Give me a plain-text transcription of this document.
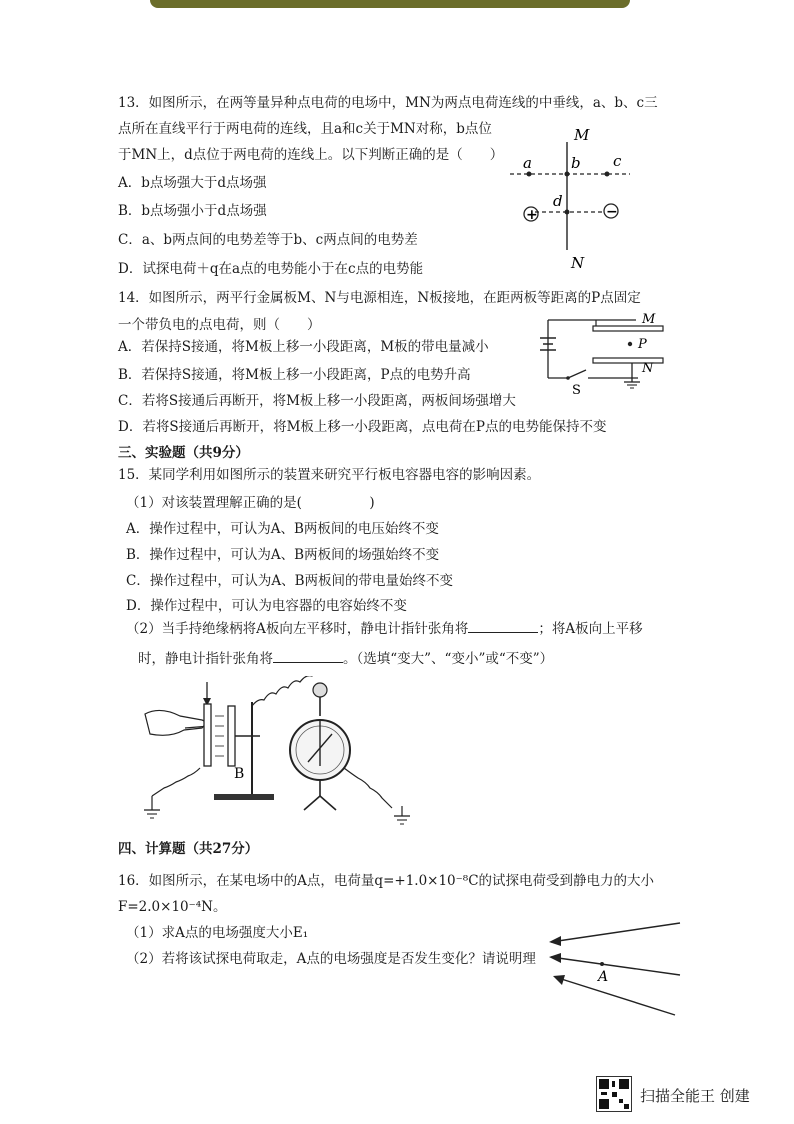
13．如图所示，在两等量异种点电荷的电场中，MN为两点电荷连线的中垂线，a、b、c三
点所在直线平行于两电荷的连线，且a和c关于MN对称，b点位
于MN上，d点位于两电荷的连线上。以下判断正确的是（　　）
A．b点场强大于d点场强
B．b点场强小于d点场强
C．a、b两点间的电势差等于b、c两点间的电势差
D．试探电荷＋q在a点的电势能小于在c点的电势能
M
N
a	b c
d
+	−
14．如图所示，两平行金属板M、N与电源相连，N板接地，在距两板等距离的P点固定
一个带负电的点电荷，则（　　）
A．若保持S接通，将M板上移一小段距离，M板的带电量减小
B．若保持S接通，将M板上移一小段距离，P点的电势升高
C．若将S接通后再断开，将M板上移一小段距离，两板间场强增大
D．若将S接通后再断开，将M板上移一小段距离，点电荷在P点的电势能保持不变
M
N
P
S
三、实验题（共9分）
15．某同学利用如图所示的装置来研究平行板电容器电容的影响因素。
（1）对该装置理解正确的是(　　　　　)
A．操作过程中，可认为A、B两板间的电压始终不变
B．操作过程中，可认为A、B两板间的场强始终不变
C．操作过程中，可认为A、B两板间的带电量始终不变
D．操作过程中，可认为电容器的电容始终不变
（2）当手持绝缘柄将A板向左平移时，静电计指针张角将	；将A板向上平移
时，静电计指针张角将	。（选填“变大”、“变小”或“不变”）
B
四、计算题（共27分）
16．如图所示，在某电场中的A点，电荷量q=+1.0×10⁻⁸C的试探电荷受到静电力的大小
F=2.0×10⁻⁴N。
（1）求A点的电场强度大小E₁
（2）若将该试探电荷取走，A点的电场强度是否发生变化？请说明理
A
扫描全能王 创建
